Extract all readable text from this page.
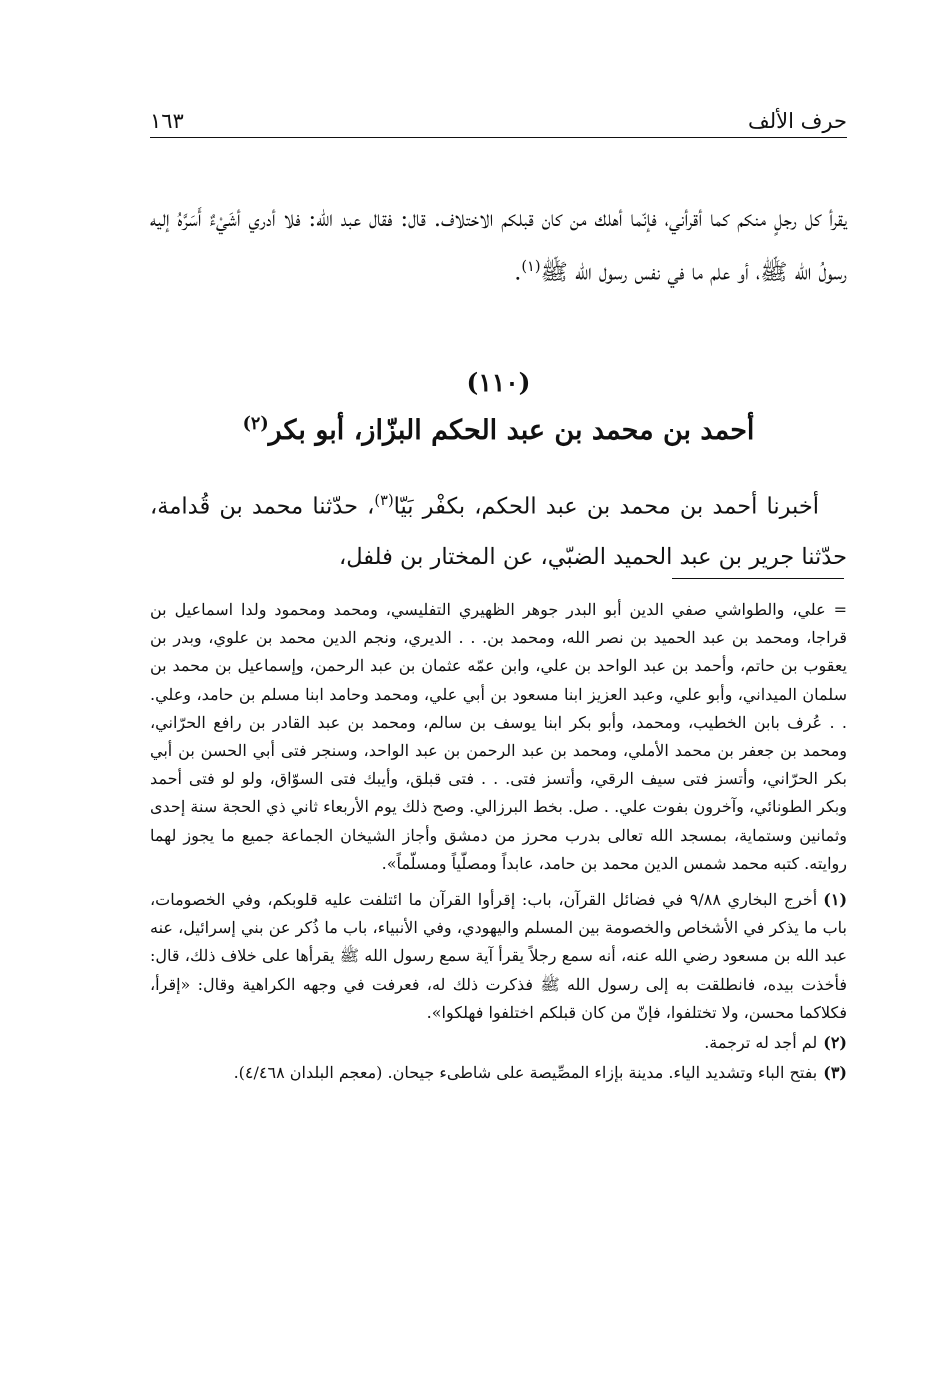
حرف الألف
١٦٣

يقرأ كل رجلٍ منكم كما أقرأني، فإنّما أهلك من كان قبلكم الاختلاف. قال: فقال عبد الله: فلا أدري أشَيْءٌ أَسَرَّهُ إليه رسولُ الله ﷺ، أو علم ما في نفس رسول الله ﷺ$^{(١)}$.

(١١٠)
أحمد بن محمد بن عبد الحكم البزّاز، أبو بكر$^{(٢)}$

أخبرنا أحمد بن محمد بن عبد الحكم، بكفْر بَيّا$^{(٣)}$، حدّثنا محمد بن قُدامة، حدّثنا جرير بن عبد الحميد الضبّي، عن المختار بن فلفل،

= علي، والطواشي صفي الدين أبو البدر جوهر الظهيري التفليسي، ومحمد ومحمود ولدا اسماعيل بن قراجا، ومحمد بن عبد الحميد بن نصر الله، ومحمد بن. . . الديري، ونجم الدين محمد بن علوي، وبدر بن يعقوب بن حاتم، وأحمد بن عبد الواحد بن علي، وابن عمّه عثمان بن عبد الرحمن، وإسماعيل بن محمد بن سلمان الميداني، وأبو علي، وعبد العزيز ابنا مسعود بن أبي علي، ومحمد وحامد ابنا مسلم بن حامد، وعلي. . . عُرف بابن الخطيب، ومحمد، وأبو بكر ابنا يوسف بن سالم، ومحمد بن عبد القادر بن رافع الحرّاني، ومحمد بن جعفر بن محمد الأملي، ومحمد بن عبد الرحمن بن عبد الواحد، وسنجر فتى أبي الحسن بن أبي بكر الحرّاني، وأتسز فتى سيف الرقي، وأتسز فتى. . . فتى قبلق، وأيبك فتى السوّاق، ولو لو فتى أحمد وبكر الطونائي، وآخرون بفوت علي. . صل. بخط البرزالي. وصح ذلك يوم الأربعاء ثاني ذي الحجة سنة إحدى وثمانين وستماية، بمسجد الله تعالى بدرب محرز من دمشق وأجاز الشيخان الجماعة جميع ما يجوز لهما روايته. كتبه محمد شمس الدين محمد بن حامد، عابداً ومصلّياً ومسلّماً».

(١)أخرج البخاري ٩/٨٨ في فضائل القرآن، باب: إقرأوا القرآن ما ائتلفت عليه قلوبكم، وفي الخصومات، باب ما يذكر في الأشخاص والخصومة بين المسلم واليهودي، وفي الأنبياء، باب ما ذُكر عن بني إسرائيل، عنه عبد الله بن مسعود رضي الله عنه، أنه سمع رجلاً يقرأ آية سمع رسول الله ﷺ يقرأها على خلاف ذلك، قال: فأخذت بيده، فانطلقت به إلى رسول الله ﷺ فذكرت ذلك له، فعرفت في وجهه الكراهية وقال: «إقرأ، فكلاكما محسن، ولا تختلفوا، فإنّ من كان قبلكم اختلفوا فهلكوا».

(٢)لم أجد له ترجمة.

(٣)بفتح الباء وتشديد الياء. مدينة بإزاء المصِّيصة على شاطىء جيحان. (معجم البلدان ٤/٤٦٨).
